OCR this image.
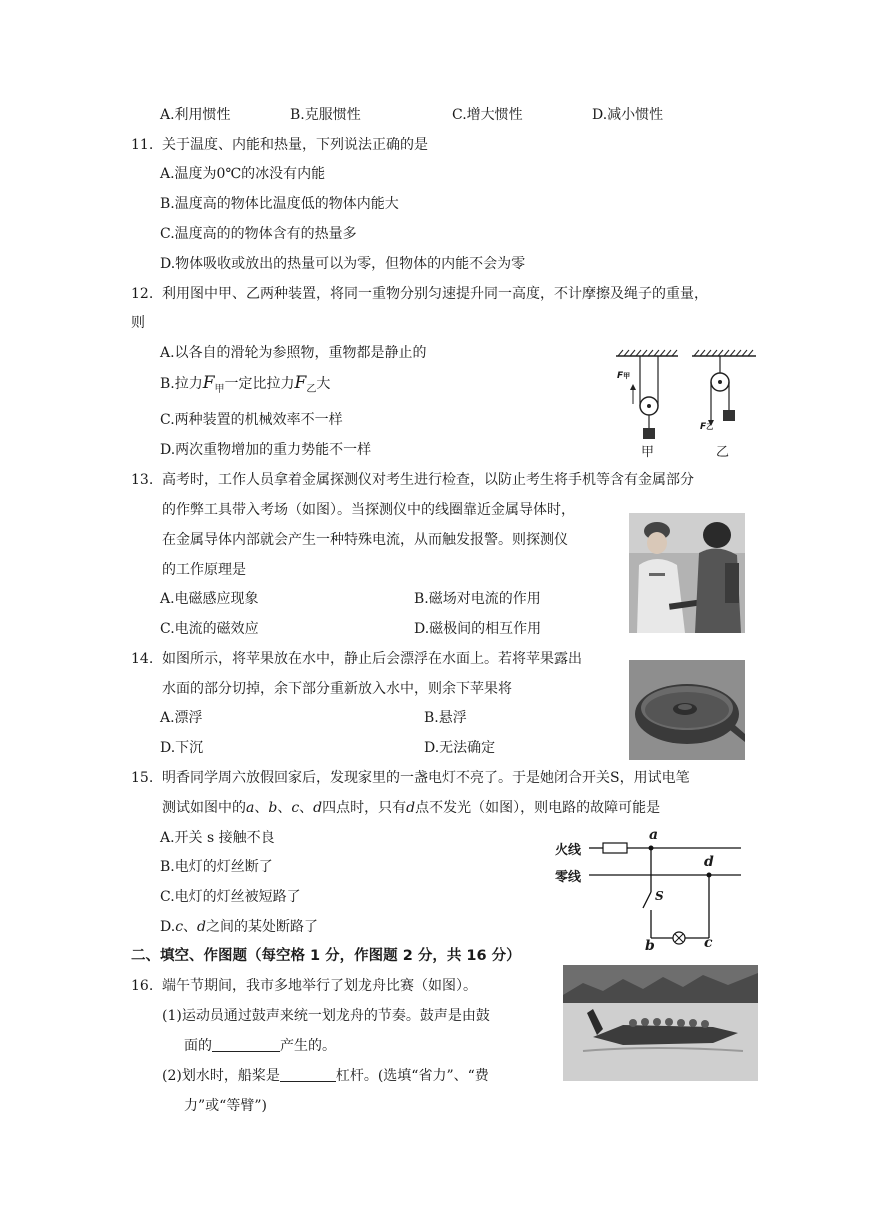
A.利用惯性	B.克服惯性	C.增大惯性	D.减小惯性
11. 关于温度、内能和热量，下列说法正确的是
A.温度为0℃的冰没有内能
B.温度高的物体比温度低的物体内能大
C.温度高的的物体含有的热量多
D.物体吸收或放出的热量可以为零，但物体的内能不会为零
12. 利用图中甲、乙两种装置，将同一重物分别匀速提升同一高度，不计摩擦及绳子的重量，
则
A.以各自的滑轮为参照物，重物都是静止的
B.拉力$F_甲$一定比拉力$F_乙$大
C.两种装置的机械效率不一样
D.两次重物增加的重力势能不一样
F甲
F乙
甲	乙
13. 高考时，工作人员拿着金属探测仪对考生进行检查，以防止考生将手机等含有金属部分
的作弊工具带入考场（如图）。当探测仪中的线圈靠近金属导体时，
在金属导体内部就会产生一种特殊电流，从而触发报警。则探测仪
的工作原理是
A.电磁感应现象	B.磁场对电流的作用
C.电流的磁效应	D.磁极间的相互作用
14. 如图所示，将苹果放在水中，静止后会漂浮在水面上。若将苹果露出
水面的部分切掉，余下部分重新放入水中，则余下苹果将
A.漂浮	B.悬浮
D.下沉	D.无法确定
15. 明香同学周六放假回家后，发现家里的一盏电灯不亮了。于是她闭合开关S，用试电笔
测试如图中的a、b、c、d四点时，只有d点不发光（如图），则电路的故障可能是
A.开关 s 接触不良
B.电灯的灯丝断了
C.电灯的灯丝被短路了
D.c、d之间的某处断路了
火线
零线
a
d
S
b	c
二、填空、作图题（每空格 1 分，作图题 2 分，共 16 分）
16. 端午节期间，我市多地举行了划龙舟比赛（如图）。
(1)运动员通过鼓声来统一划龙舟的节奏。鼓声是由鼓
面的	产生的。
(2)划水时，船桨是	杠杆。(选填“省力”、“费
力”或“等臂”)
